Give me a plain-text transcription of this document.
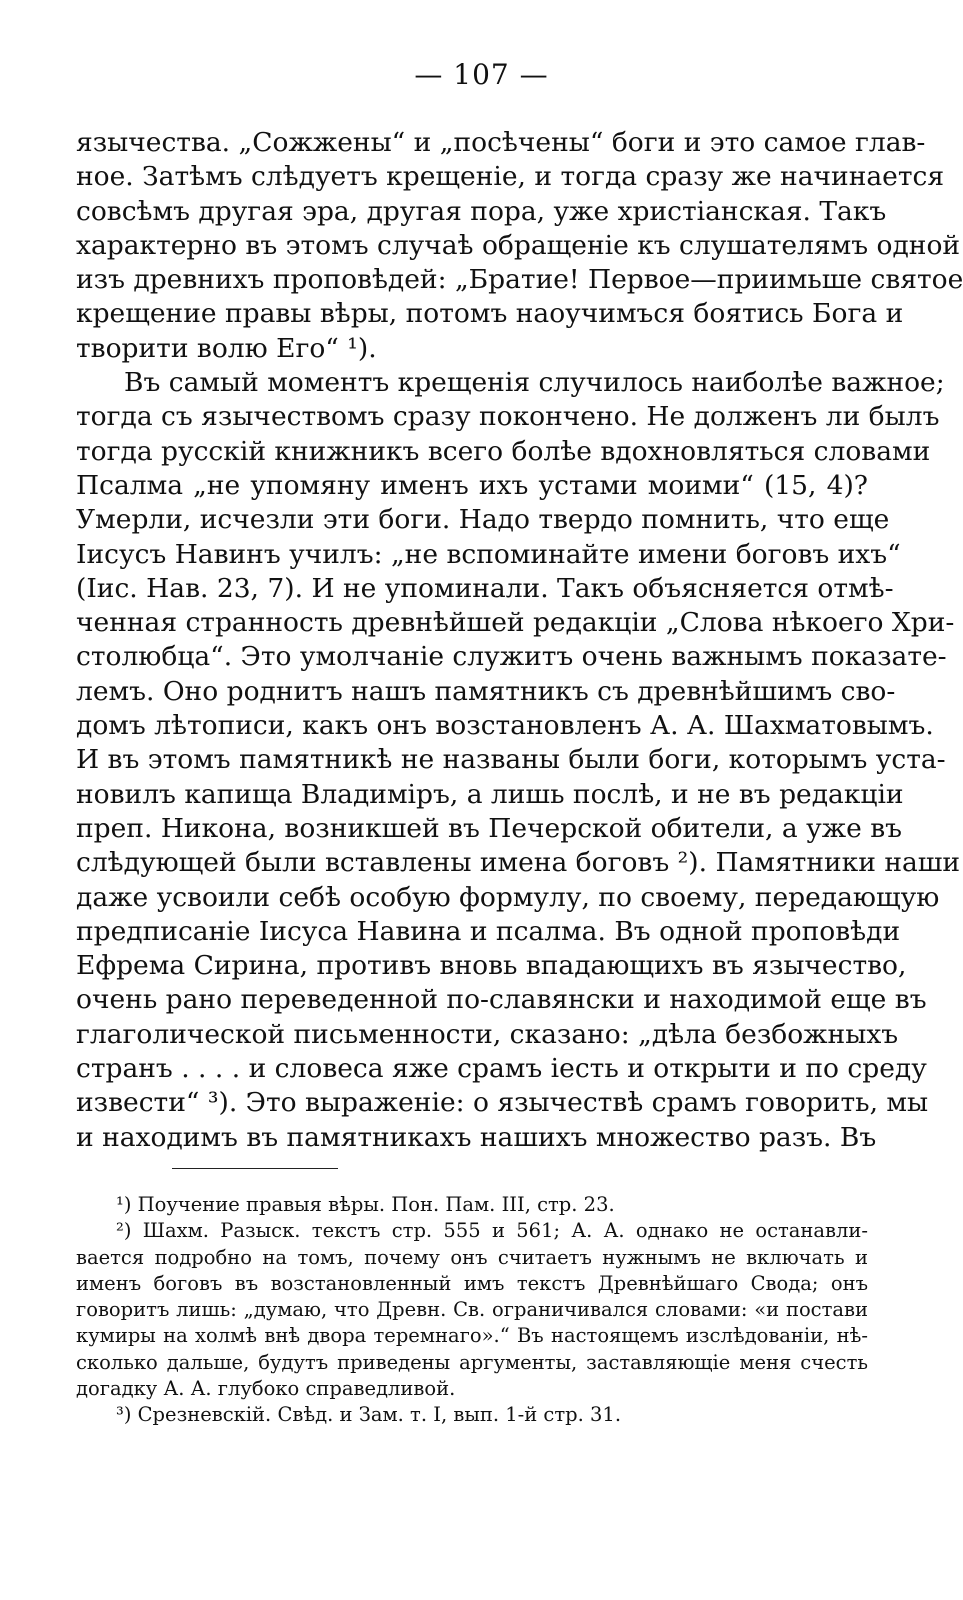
— 107 —
язычества. „Сожжены“ и „посѣчены“ боги и это самое глав-
ное. Затѣмъ слѣдуетъ крещеніе, и тогда сразу же начинается
совсѣмъ другая эра, другая пора, уже христіанская. Такъ
характерно въ этомъ случаѣ обращеніе къ слушателямъ одной
изъ древнихъ проповѣдей: „Братие! Первое—приимьше святое
крещение правы вѣры, потомъ наоучимъся боятись Бога и
творити волю Его“ ¹).
Въ самый моментъ крещенія случилось наиболѣе важное;
тогда съ язычествомъ сразу покончено. Не долженъ ли былъ
тогда русскій книжникъ всего болѣе вдохновляться словами
Псалма „не упомяну именъ ихъ устами моими“ (15, 4)?
Умерли, исчезли эти боги. Надо твердо помнить, что еще
Іисусъ Навинъ училъ: „не вспоминайте имени боговъ ихъ“
(Іис. Нав. 23, 7). И не упоминали. Такъ объясняется отмѣ-
ченная странность древнѣйшей редакціи „Слова нѣкоего Хри-
столюбца“. Это умолчаніе служитъ очень важнымъ показате-
лемъ. Оно роднитъ нашъ памятникъ съ древнѣйшимъ сво-
домъ лѣтописи, какъ онъ возстановленъ А. А. Шахматовымъ.
И въ этомъ памятникѣ не названы были боги, которымъ уста-
новилъ капища Владиміръ, а лишь послѣ, и не въ редакціи
преп. Никона, возникшей въ Печерской обители, а уже въ
слѣдующей были вставлены имена боговъ ²). Памятники наши
даже усвоили себѣ особую формулу, по своему, передающую
предписаніе Іисуса Навина и псалма. Въ одной проповѣди
Ефрема Сирина, противъ вновь впадающихъ въ язычество,
очень рано переведенной по-славянски и находимой еще въ
глаголической письменности, сказано: „дѣла безбожныхъ
странъ . . . . и словеса яже срамъ іесть и открыти и по среду
извести“ ³). Это выраженіе: о язычествѣ срамъ говорить, мы
и находимъ въ памятникахъ нашихъ множество разъ. Въ
¹) Поучение правыя вѣры. Пон. Пам. III, стр. 23.
²) Шахм. Разыск. текстъ стр. 555 и 561; А. А. однако не останавли-
вается подробно на томъ, почему онъ считаетъ нужнымъ не включать и
именъ боговъ въ возстановленный имъ текстъ Древнѣйшаго Свода; онъ
говоритъ лишь: „думаю, что Древн. Св. ограничивался словами: «и постави
кумиры на холмѣ внѣ двора теремнаго».“ Въ настоящемъ изслѣдованіи, нѣ-
сколько дальше, будутъ приведены аргументы, заставляющіе меня счесть
догадку А. А. глубоко справедливой.
³) Срезневскій. Свѣд. и Зам. т. I, вып. 1-й стр. 31.
